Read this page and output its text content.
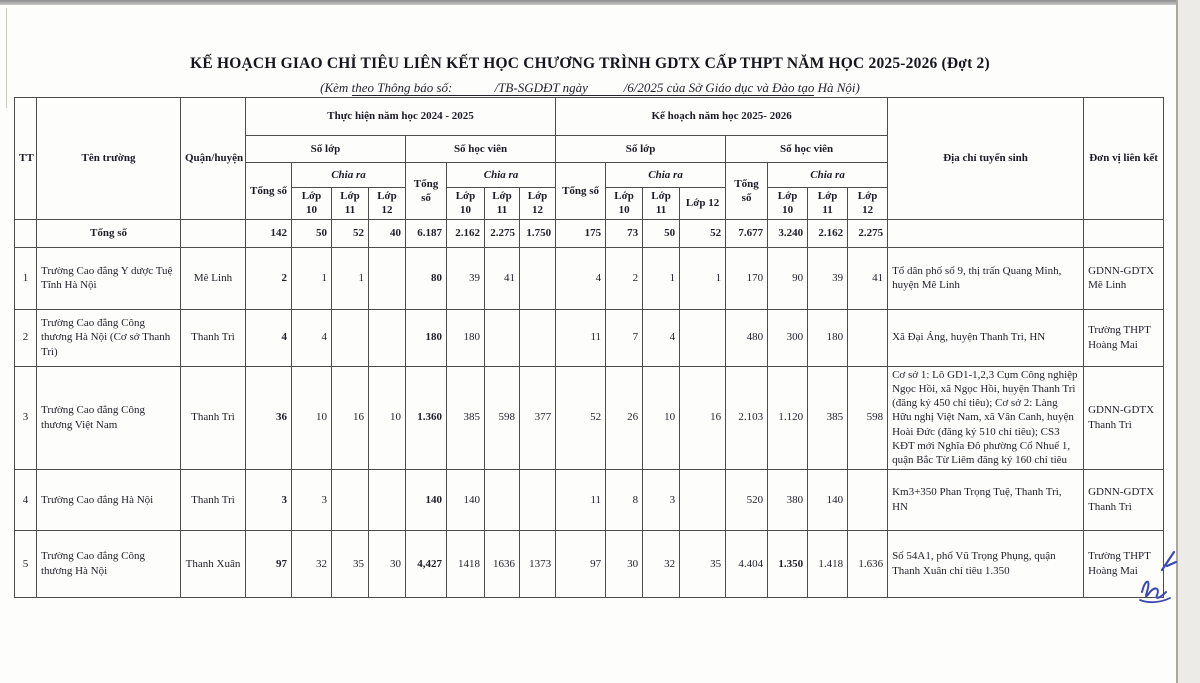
KẾ HOẠCH GIAO CHỈ TIÊU LIÊN KẾT HỌC CHƯƠNG TRÌNH GDTX CẤP THPT NĂM HỌC 2025-2026 (Đợt 2)
(Kèm theo Thông báo số:             /TB-SGDĐT ngày           /6/2025 của Sở Giáo dục và Đào tạo Hà Nội)
TT	Tên trường	Quận/huyện	Thực hiện năm học 2024 - 2025								Kế hoạch năm học 2025- 2026								Địa chỉ tuyển sinh	Đơn vị liên kết
			Số lớp				Số học viên				Số lớp				Số học viên					
			Tổng số	Chia ra			Tổng số	Chia ra			Tổng số	Chia ra			Tổng số	Chia ra				
				Lớp 10	Lớp 11	Lớp 12		Lớp 10	Lớp 11	Lớp 12		Lớp 10	Lớp 11	Lớp 12		Lớp 10	Lớp 11	Lớp 12		
	Tổng số		142	50	52	40	6.187	2.162	2.275	1.750	175	73	50	52	7.677	3.240	2.162	2.275		
1	Trường Cao đẳng Y dược Tuệ Tĩnh Hà Nội	Mê Linh	2	1	1		80	39	41		4	2	1	1	170	90	39	41	Tổ dân phố số 9, thị trấn Quang Minh, huyện Mê Linh	GDNN-GDTX Mê Linh
2	Trường Cao đẳng Công thương Hà Nội (Cơ sở Thanh Trì)	Thanh Trì	4	4			180	180			11	7	4		480	300	180		Xã Đại Áng, huyện Thanh Trì, HN	Trường THPT Hoàng Mai
3	Trường Cao đẳng Công thương Việt Nam	Thanh Trì	36	10	16	10	1.360	385	598	377	52	26	10	16	2.103	1.120	385	598	Cơ sở 1: Lô GD1-1,2,3 Cụm Công nghiệp Ngọc Hồi, xã Ngọc Hồi, huyện Thanh Trì (đăng ký 450 chỉ tiêu); Cơ sở 2: Làng Hữu nghị Việt Nam, xã Vân Canh, huyện Hoài Đức (đăng ký 510 chỉ tiêu); CS3 KĐT mới Nghĩa Đô phường Cổ Nhuế 1, quận Bắc Từ Liêm đăng ký 160 chỉ tiêu	GDNN-GDTX Thanh Trì
4	Trường Cao đẳng Hà Nội	Thanh Trì	3	3			140	140			11	8	3		520	380	140		Km3+350 Phan Trọng Tuệ, Thanh Trì, HN	GDNN-GDTX Thanh Trì
5	Trường Cao đẳng Công thương Hà Nội	Thanh Xuân	97	32	35	30	4,427	1418	1636	1373	97	30	32	35	4.404	1.350	1.418	1.636	Số 54A1, phố Vũ Trọng Phụng, quận Thanh Xuân chỉ tiêu 1.350	Trường THPT Hoàng Mai
